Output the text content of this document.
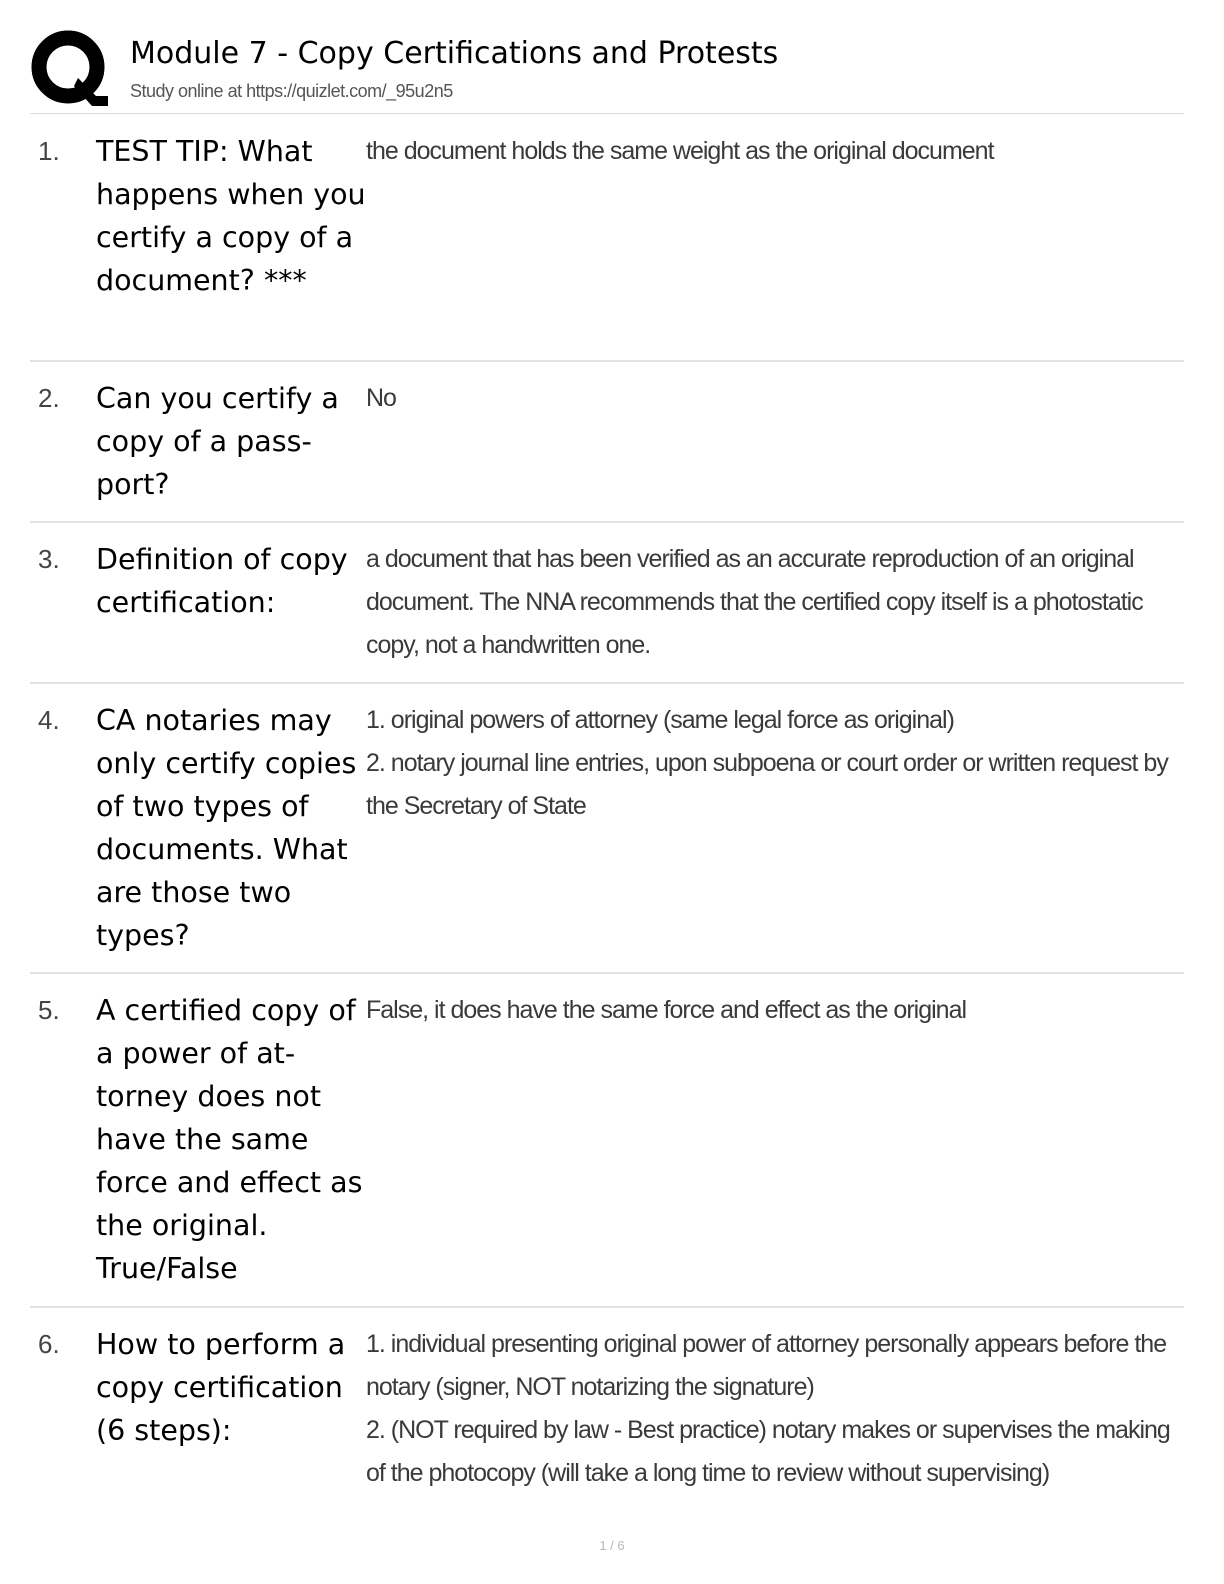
Module 7 - Copy Certifications and Protests
Study online at https://quizlet.com/_95u2n5
1.	TEST TIP: What happens when you certify a copy of a document? ***
the document holds the same weight as the original document
2.	Can you certify a copy of a passport?
No
3.	Definition of copy certification:
a document that has been verified as an accurate reproduction of an original document. The NNA recommends that the certified copy itself is a photostatic copy, not a handwritten one.
4.	CA notaries may only certify copies of two types of documents. What are those two types?
1. original powers of attorney (same legal force as original)
2. notary journal line entries, upon subpoena or court order or written request by the Secretary of State
5.	A certified copy of a power of attorney does not have the same force and effect as the original. True/False
False, it does have the same force and effect as the original
6.	How to perform a copy certification (6 steps):
1. individual presenting original power of attorney personally appears before the notary (signer, NOT notarizing the signature)
2. (NOT required by law - Best practice) notary makes or supervises the making of the photocopy (will take a long time to review without supervising)
1 / 6
